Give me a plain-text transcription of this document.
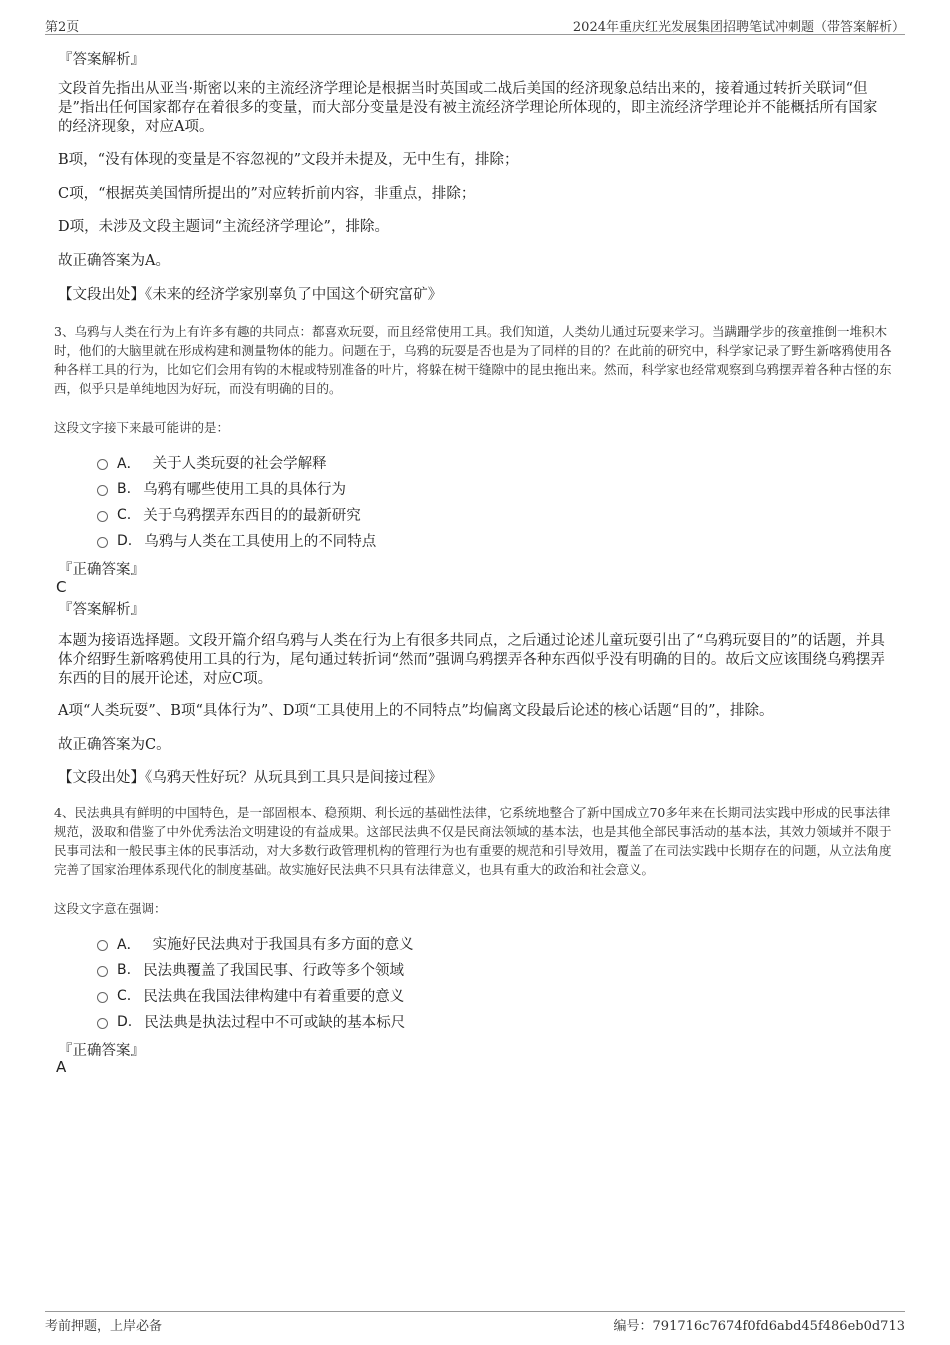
第2页	2024年重庆红光发展集团招聘笔试冲刺题（带答案解析）
『答案解析』
文段首先指出从亚当·斯密以来的主流经济学理论是根据当时英国或二战后美国的经济现象总结出来的，接着通过转折关联词“但是”指出任何国家都存在着很多的变量，而大部分变量是没有被主流经济学理论所体现的，即主流经济学理论并不能概括所有国家的经济现象，对应A项。
B项，“没有体现的变量是不容忽视的”文段并未提及，无中生有，排除；
C项，“根据英美国情所提出的”对应转折前内容，非重点，排除；
D项，未涉及文段主题词“主流经济学理论”，排除。
故正确答案为A。
【文段出处】《未来的经济学家别辜负了中国这个研究富矿》
3、乌鸦与人类在行为上有许多有趣的共同点：都喜欢玩耍，而且经常使用工具。我们知道，人类幼儿通过玩耍来学习。当蹒跚学步的孩童推倒一堆积木时，他们的大脑里就在形成构建和测量物体的能力。问题在于，乌鸦的玩耍是否也是为了同样的目的？在此前的研究中，科学家记录了野生新喀鸦使用各种各样工具的行为，比如它们会用有钩的木棍或特别准备的叶片，将躲在树干缝隙中的昆虫拖出来。然而，科学家也经常观察到乌鸦摆弄着各种古怪的东西，似乎只是单纯地因为好玩，而没有明确的目的。
这段文字接下来最可能讲的是：
A． 关于人类玩耍的社会学解释
B. 乌鸦有哪些使用工具的具体行为
C. 关于乌鸦摆弄东西目的的最新研究
D. 乌鸦与人类在工具使用上的不同特点
『正确答案』
C
『答案解析』
本题为接语选择题。文段开篇介绍乌鸦与人类在行为上有很多共同点，之后通过论述儿童玩耍引出了“乌鸦玩耍目的”的话题，并具体介绍野生新喀鸦使用工具的行为，尾句通过转折词“然而”强调乌鸦摆弄各种东西似乎没有明确的目的。故后文应该围绕乌鸦摆弄东西的目的展开论述，对应C项。
A项“人类玩耍”、B项“具体行为”、D项“工具使用上的不同特点”均偏离文段最后论述的核心话题“目的”，排除。
故正确答案为C。
【文段出处】《乌鸦天性好玩？从玩具到工具只是间接过程》
4、民法典具有鲜明的中国特色，是一部固根本、稳预期、利长远的基础性法律，它系统地整合了新中国成立70多年来在长期司法实践中形成的民事法律规范，汲取和借鉴了中外优秀法治文明建设的有益成果。这部民法典不仅是民商法领域的基本法，也是其他全部民事活动的基本法，其效力领域并不限于民事司法和一般民事主体的民事活动，对大多数行政管理机构的管理行为也有重要的规范和引导效用，覆盖了在司法实践中长期存在的问题，从立法角度完善了国家治理体系现代化的制度基础。故实施好民法典不只具有法律意义，也具有重大的政治和社会意义。
这段文字意在强调：
A． 实施好民法典对于我国具有多方面的意义
B. 民法典覆盖了我国民事、行政等多个领域
C. 民法典在我国法律构建中有着重要的意义
D. 民法典是执法过程中不可或缺的基本标尺
『正确答案』
A
考前押题，上岸必备	编号：791716c7674f0fd6abd45f486eb0d713
